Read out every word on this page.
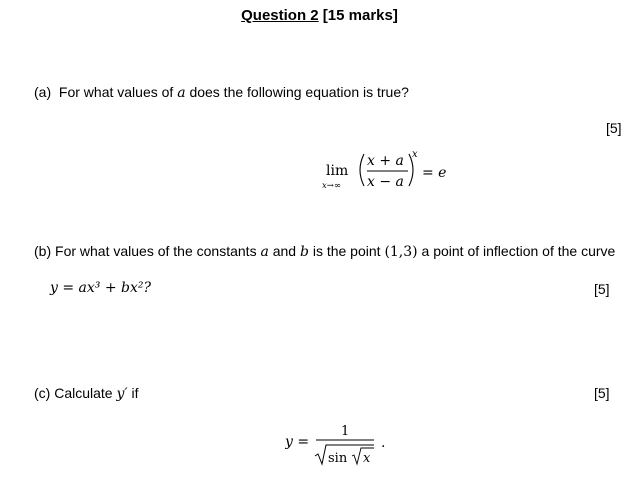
Question 2 [15 marks]
(a) For what values of a does the following equation is true?
[5]
lim
x→∞
x + a
x − a
x
= e
(b) For what values of the constants a and b is the point (1,3) a point of inflection of the curve
y = ax³ + bx²?	[5]
(c) Calculate y′ if	[5]
y =
1
sin x
.
